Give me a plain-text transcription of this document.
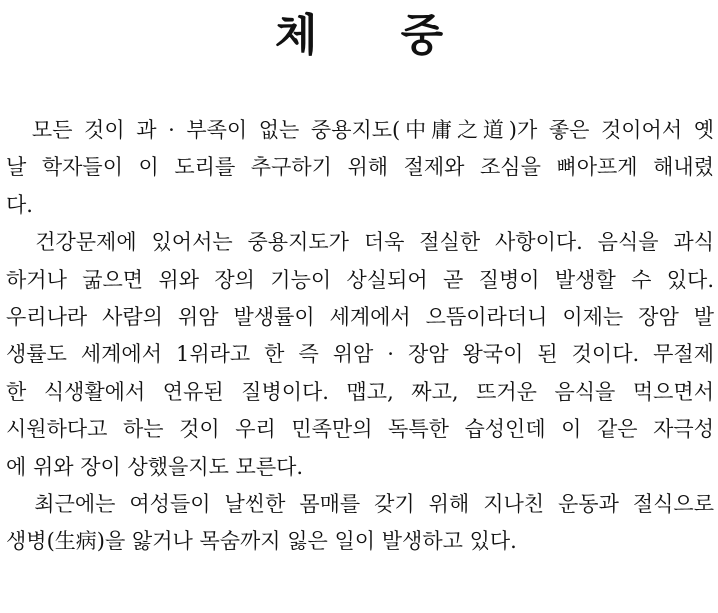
체 중
　모든 것이 과 · 부족이 없는 중용지도(中庸之道)가 좋은 것이어서 옛
날 학자들이 이 도리를 추구하기 위해 절제와 조심을 뼈아프게 해내렸
다.
　건강문제에 있어서는 중용지도가 더욱 절실한 사항이다. 음식을 과식
하거나 굶으면 위와 장의 기능이 상실되어 곧 질병이 발생할 수 있다.
우리나라 사람의 위암 발생률이 세계에서 으뜸이라더니 이제는 장암 발
생률도 세계에서 1위라고 한 즉 위암 · 장암 왕국이 된 것이다. 무절제
한 식생활에서 연유된 질병이다. 맵고, 짜고, 뜨거운 음식을 먹으면서
시원하다고 하는 것이 우리 민족만의 독특한 습성인데 이 같은 자극성
에 위와 장이 상했을지도 모른다.
　최근에는 여성들이 날씬한 몸매를 갖기 위해 지나친 운동과 절식으로
생병(生病)을 앓거나 목숨까지 잃은 일이 발생하고 있다.
